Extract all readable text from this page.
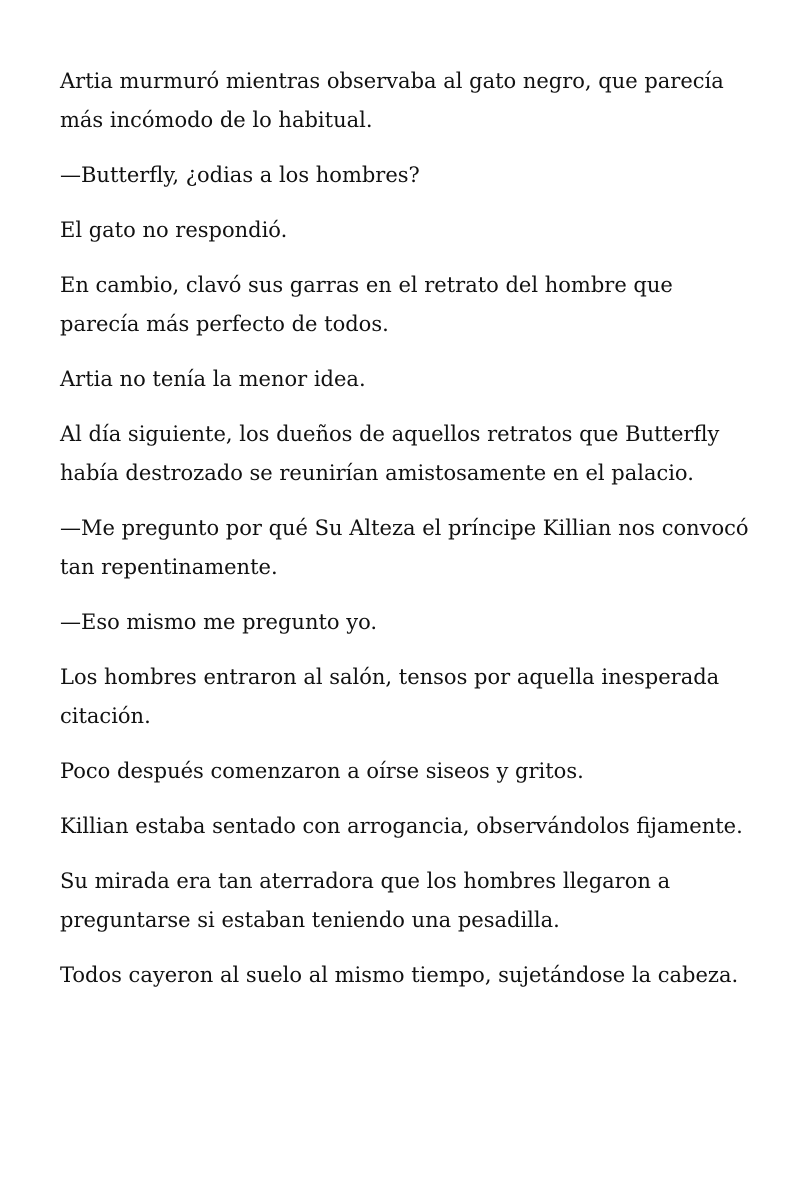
Artia murmuró mientras observaba al gato negro, que parecía más incómodo de lo habitual.

—Butterfly, ¿odias a los hombres?

El gato no respondió.

En cambio, clavó sus garras en el retrato del hombre que parecía más perfecto de todos.

Artia no tenía la menor idea.

Al día siguiente, los dueños de aquellos retratos que Butterfly había destrozado se reunirían amistosamente en el palacio.

—Me pregunto por qué Su Alteza el príncipe Killian nos convocó tan repentinamente.

—Eso mismo me pregunto yo.

Los hombres entraron al salón, tensos por aquella inesperada citación.

Poco después comenzaron a oírse siseos y gritos.

Killian estaba sentado con arrogancia, observándolos fijamente.

Su mirada era tan aterradora que los hombres llegaron a preguntarse si estaban teniendo una pesadilla.

Todos cayeron al suelo al mismo tiempo, sujetándose la cabeza.
